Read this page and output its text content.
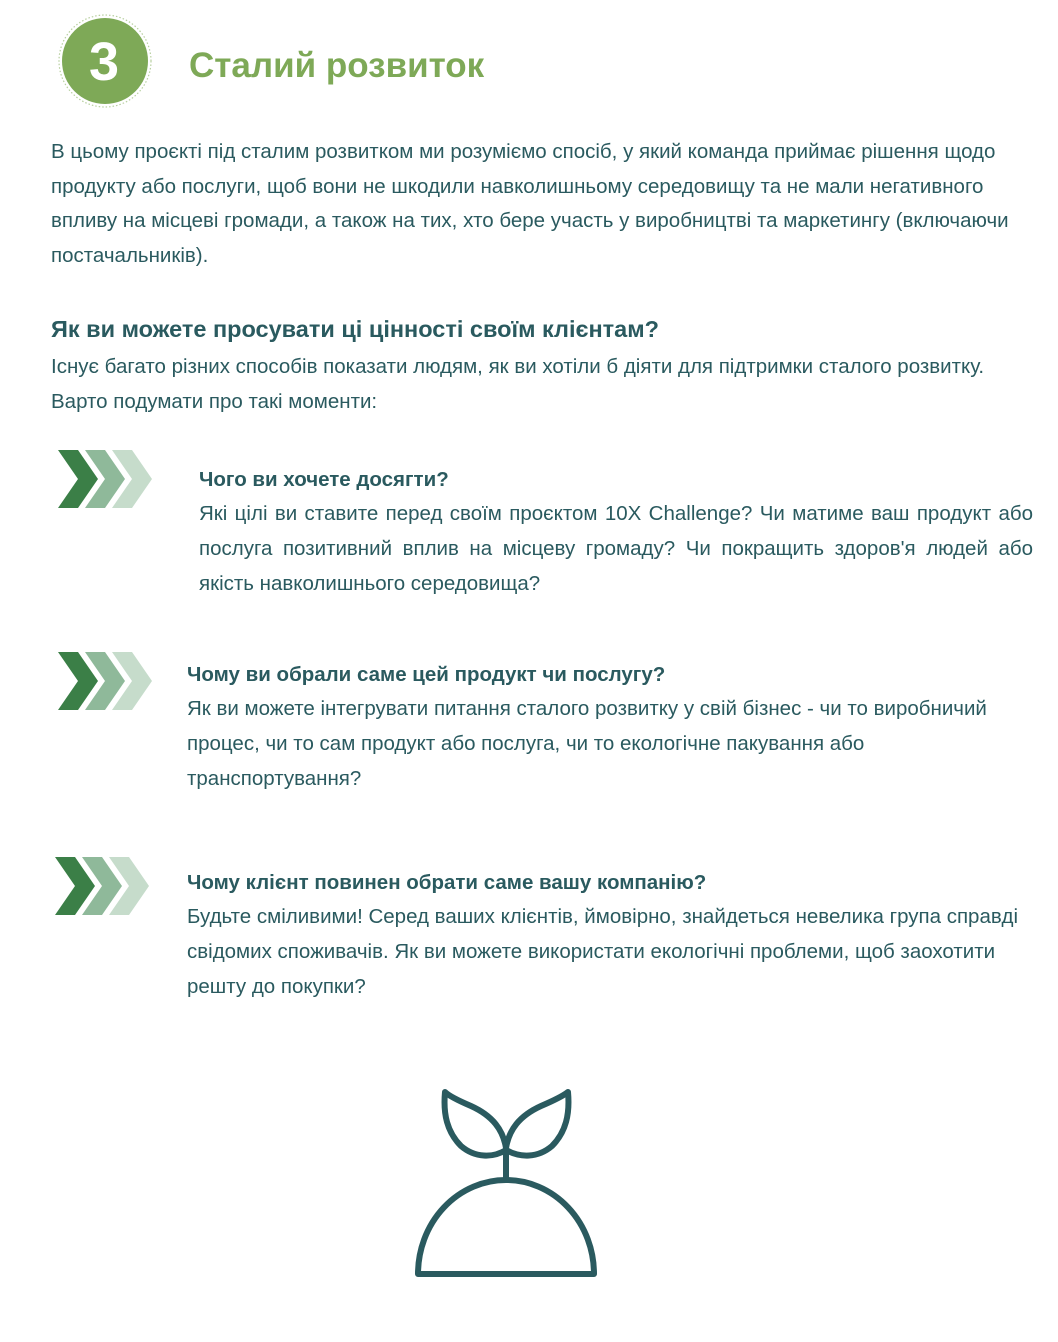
3 Сталий розвиток

В цьому проєкті під сталим розвитком ми розуміємо спосіб, у який команда приймає рішення щодо продукту або послуги, щоб вони не шкодили навколишньому середовищу та не мали негативного впливу на місцеві громади, а також на тих, хто бере участь у виробництві та маркетингу (включаючи постачальників).

Як ви можете просувати ці цінності своїм клієнтам?

Існує багато різних способів показати людям, як ви хотіли б діяти для підтримки сталого розвитку. Варто подумати про такі моменти:

Чого ви хочете досягти?

Які цілі ви ставите перед своїм проєктом 10X Challenge? Чи матиме ваш продукт або послуга позитивний вплив на місцеву громаду? Чи покращить здоров'я людей або якість навколишнього середовища?

Чому ви обрали саме цей продукт чи послугу?

Як ви можете інтегрувати питання сталого розвитку у свій бізнес - чи то виробничий процес, чи то сам продукт або послуга, чи то екологічне пакування або транспортування?

Чому клієнт повинен обрати саме вашу компанію?

Будьте сміливими! Серед ваших клієнтів, ймовірно, знайдеться невелика група справді свідомих споживачів. Як ви можете використати екологічні проблеми, щоб заохотити решту до покупки?
